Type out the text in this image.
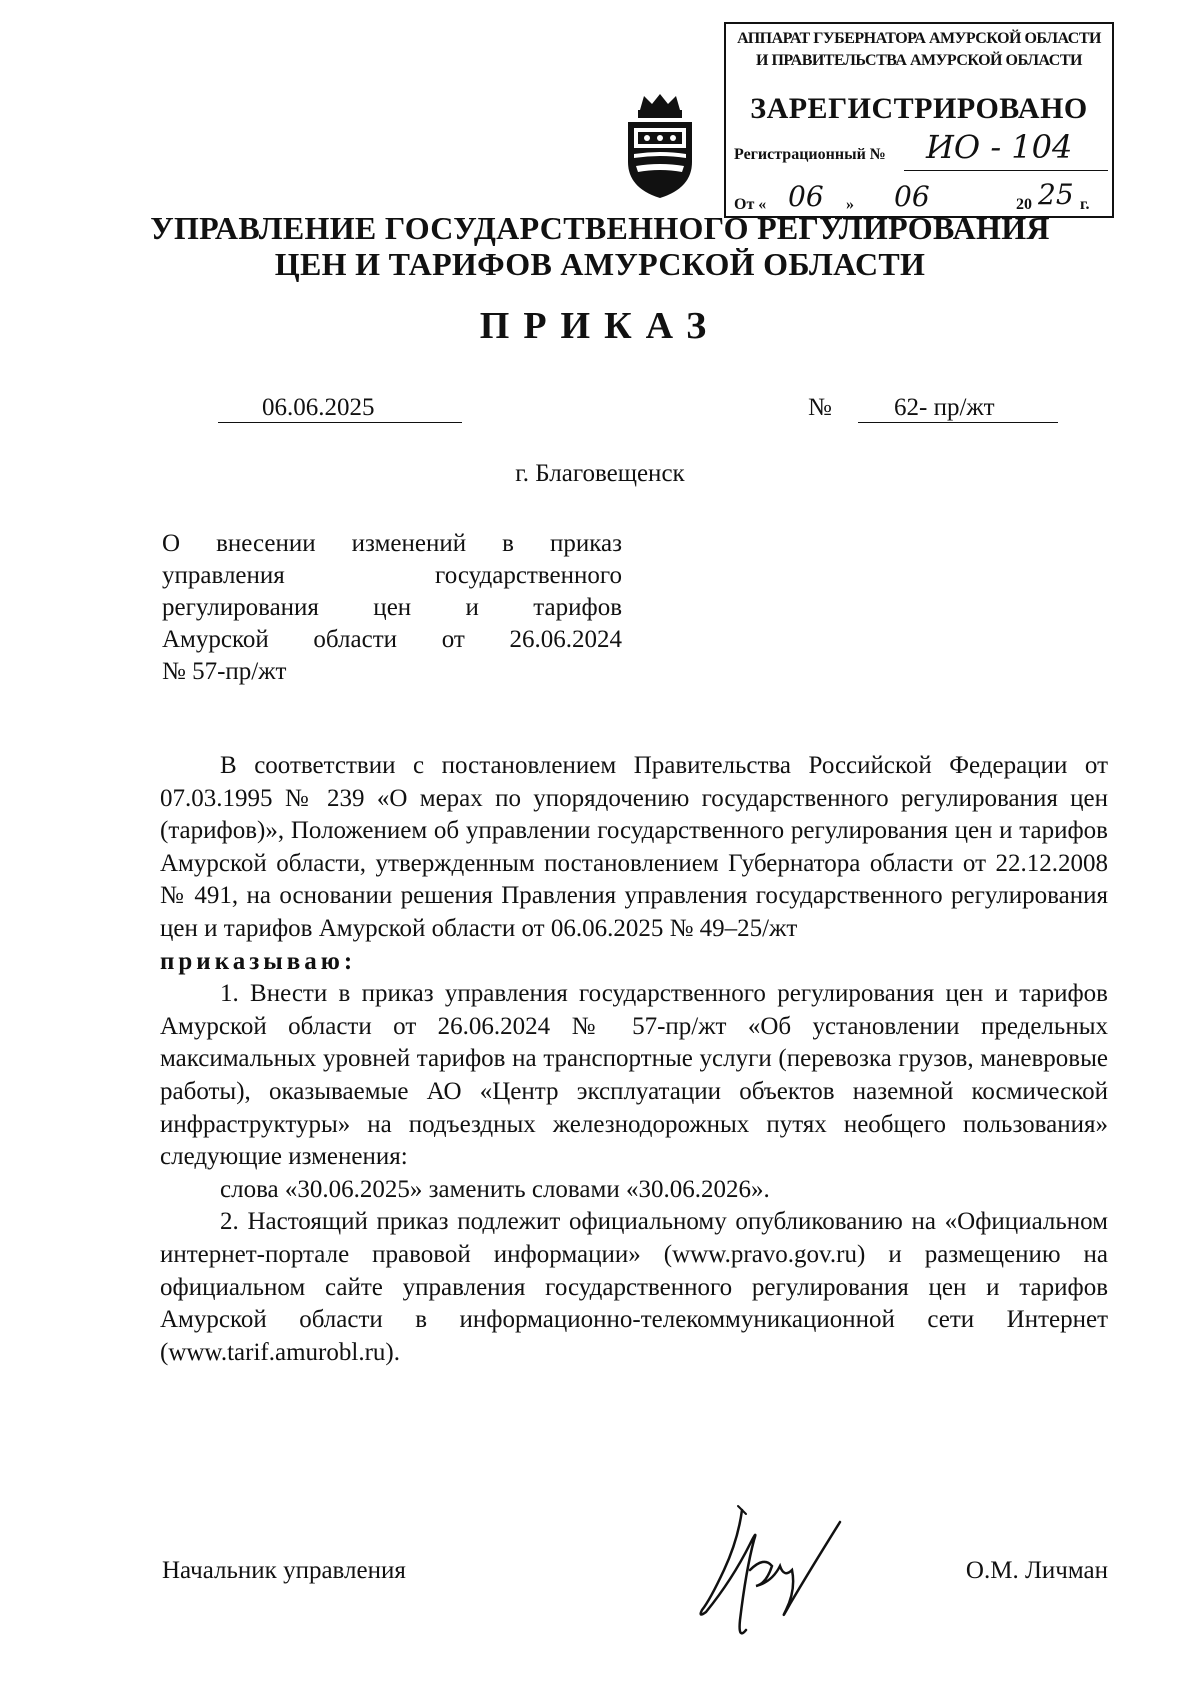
АППАРАТ ГУБЕРНАТОРА АМУРСКОЙ ОБЛАСТИ
И ПРАВИТЕЛЬСТВА АМУРСКОЙ ОБЛАСТИ
ЗАРЕГИСТРИРОВАНО
Регистрационный № ИО - 104
От « 06 » 06	20 25 г.
УПРАВЛЕНИЕ ГОСУДАРСТВЕННОГО РЕГУЛИРОВАНИЯ
ЦЕН И ТАРИФОВ АМУРСКОЙ ОБЛАСТИ
ПРИКАЗ
06.06.2025	№ 62- пр/жт
г. Благовещенск
О внесении изменений в приказ
управления государственного
регулирования цен и тарифов
Амурской области от 26.06.2024
№ 57-пр/жт

В соответствии с постановлением Правительства Российской Федерации от 07.03.1995 № 239 «О мерах по упорядочению государственного регулирования цен (тарифов)», Положением об управлении государственного регулирования цен и тарифов Амурской области, утвержденным постановлением Губернатора области от 22.12.2008 № 491, на основании решения Правления управления государственного регулирования цен и тарифов Амурской области от 06.06.2025 № 49–25/жт

приказываю:

1. Внести в приказ управления государственного регулирования цен и тарифов Амурской области от 26.06.2024 № 57-пр/жт «Об установлении предельных максимальных уровней тарифов на транспортные услуги (перевозка грузов, маневровые работы), оказываемые АО «Центр эксплуатации объектов наземной космической инфраструктуры» на подъездных железнодорожных путях необщего пользования» следующие изменения:

слова «30.06.2025» заменить словами «30.06.2026».

2. Настоящий приказ подлежит официальному опубликованию на «Официальном интернет-портале правовой информации» (www.pravo.gov.ru) и размещению на официальном сайте управления государственного регулирования цен и тарифов Амурской области в информационно-телекоммуникационной сети Интернет (www.tarif.amurobl.ru).

Начальник управления	О.М. Личман
